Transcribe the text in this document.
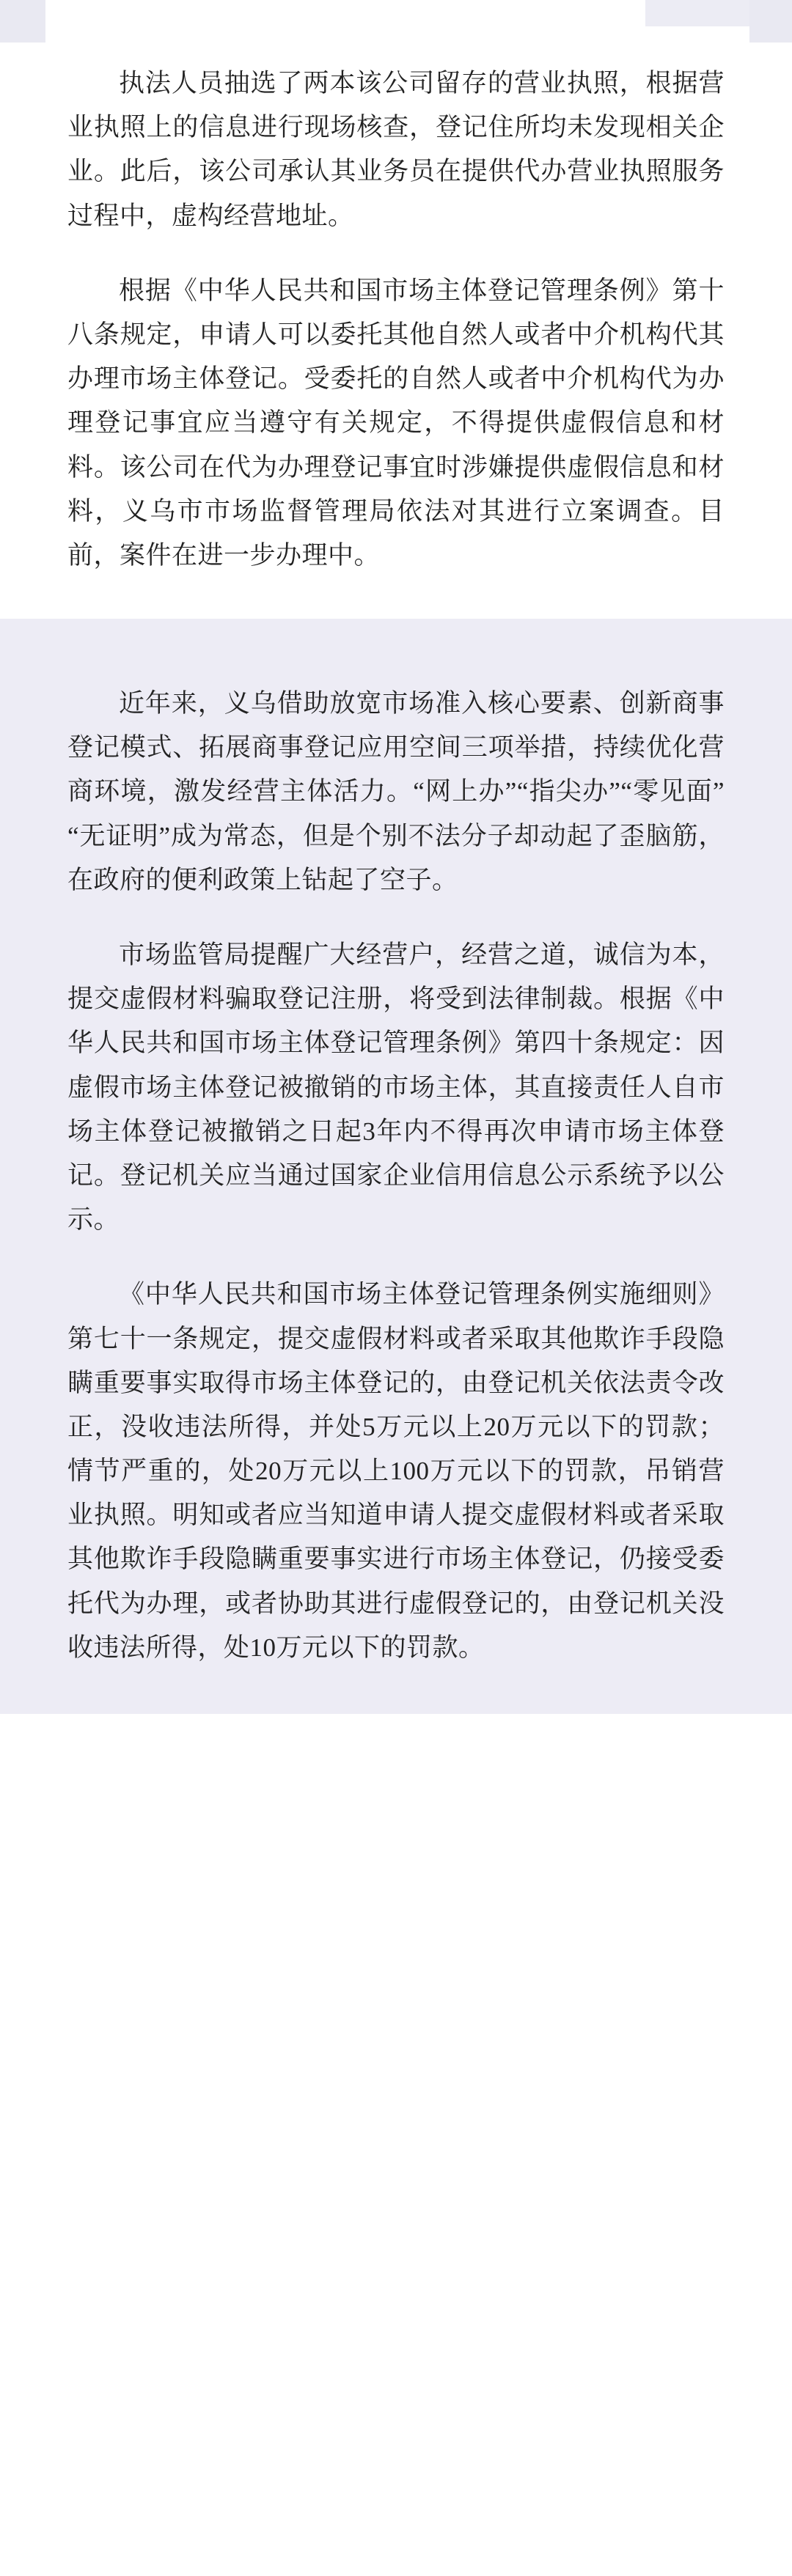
执法人员抽选了两本该公司留存的营业执照，根据营业执照上的信息进行现场核查，登记住所均未发现相关企业。此后，该公司承认其业务员在提供代办营业执照服务过程中，虚构经营地址。

根据《中华人民共和国市场主体登记管理条例》第十八条规定，申请人可以委托其他自然人或者中介机构代其办理市场主体登记。受委托的自然人或者中介机构代为办理登记事宜应当遵守有关规定，不得提供虚假信息和材料。该公司在代为办理登记事宜时涉嫌提供虚假信息和材料，义乌市市场监督管理局依法对其进行立案调查。目前，案件在进一步办理中。

近年来，义乌借助放宽市场准入核心要素、创新商事登记模式、拓展商事登记应用空间三项举措，持续优化营商环境，激发经营主体活力。“网上办”“指尖办”“零见面”“无证明”成为常态，但是个别不法分子却动起了歪脑筋，在政府的便利政策上钻起了空子。

市场监管局提醒广大经营户，经营之道，诚信为本，提交虚假材料骗取登记注册，将受到法律制裁。根据《中华人民共和国市场主体登记管理条例》第四十条规定：因虚假市场主体登记被撤销的市场主体，其直接责任人自市场主体登记被撤销之日起3年内不得再次申请市场主体登记。登记机关应当通过国家企业信用信息公示系统予以公示。

《中华人民共和国市场主体登记管理条例实施细则》第七十一条规定，提交虚假材料或者采取其他欺诈手段隐瞒重要事实取得市场主体登记的，由登记机关依法责令改正，没收违法所得，并处5万元以上20万元以下的罚款；情节严重的，处20万元以上100万元以下的罚款，吊销营业执照。明知或者应当知道申请人提交虚假材料或者采取其他欺诈手段隐瞒重要事实进行市场主体登记，仍接受委托代为办理，或者协助其进行虚假登记的，由登记机关没收违法所得，处10万元以下的罚款。
